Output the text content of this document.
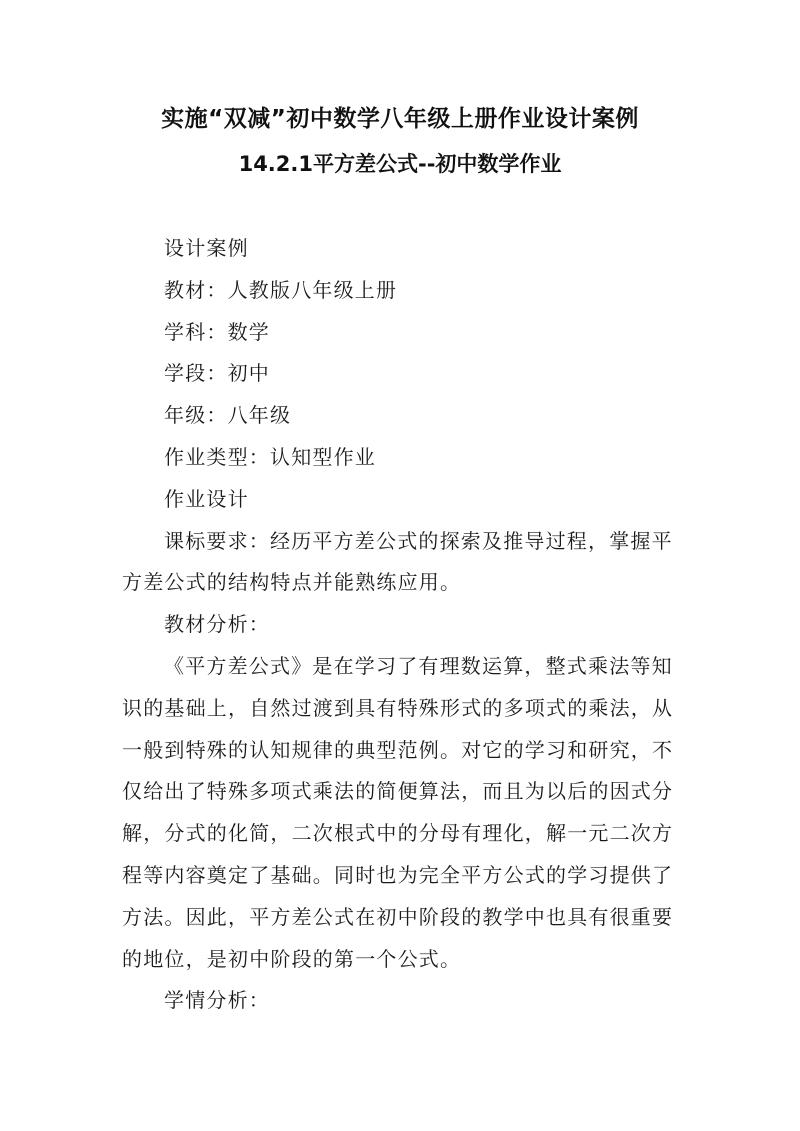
实施“双减”初中数学八年级上册作业设计案例
14.2.1平方差公式--初中数学作业
设计案例
教材：人教版八年级上册
学科：数学
学段：初中
年级：八年级
作业类型：认知型作业
作业设计
课标要求：经历平方差公式的探索及推导过程，掌握平
方差公式的结构特点并能熟练应用。
教材分析：
《平方差公式》是在学习了有理数运算，整式乘法等知
识的基础上，自然过渡到具有特殊形式的多项式的乘法，从
一般到特殊的认知规律的典型范例。对它的学习和研究，不
仅给出了特殊多项式乘法的简便算法，而且为以后的因式分
解，分式的化简，二次根式中的分母有理化，解一元二次方
程等内容奠定了基础。同时也为完全平方公式的学习提供了
方法。因此，平方差公式在初中阶段的教学中也具有很重要
的地位，是初中阶段的第一个公式。
学情分析：
